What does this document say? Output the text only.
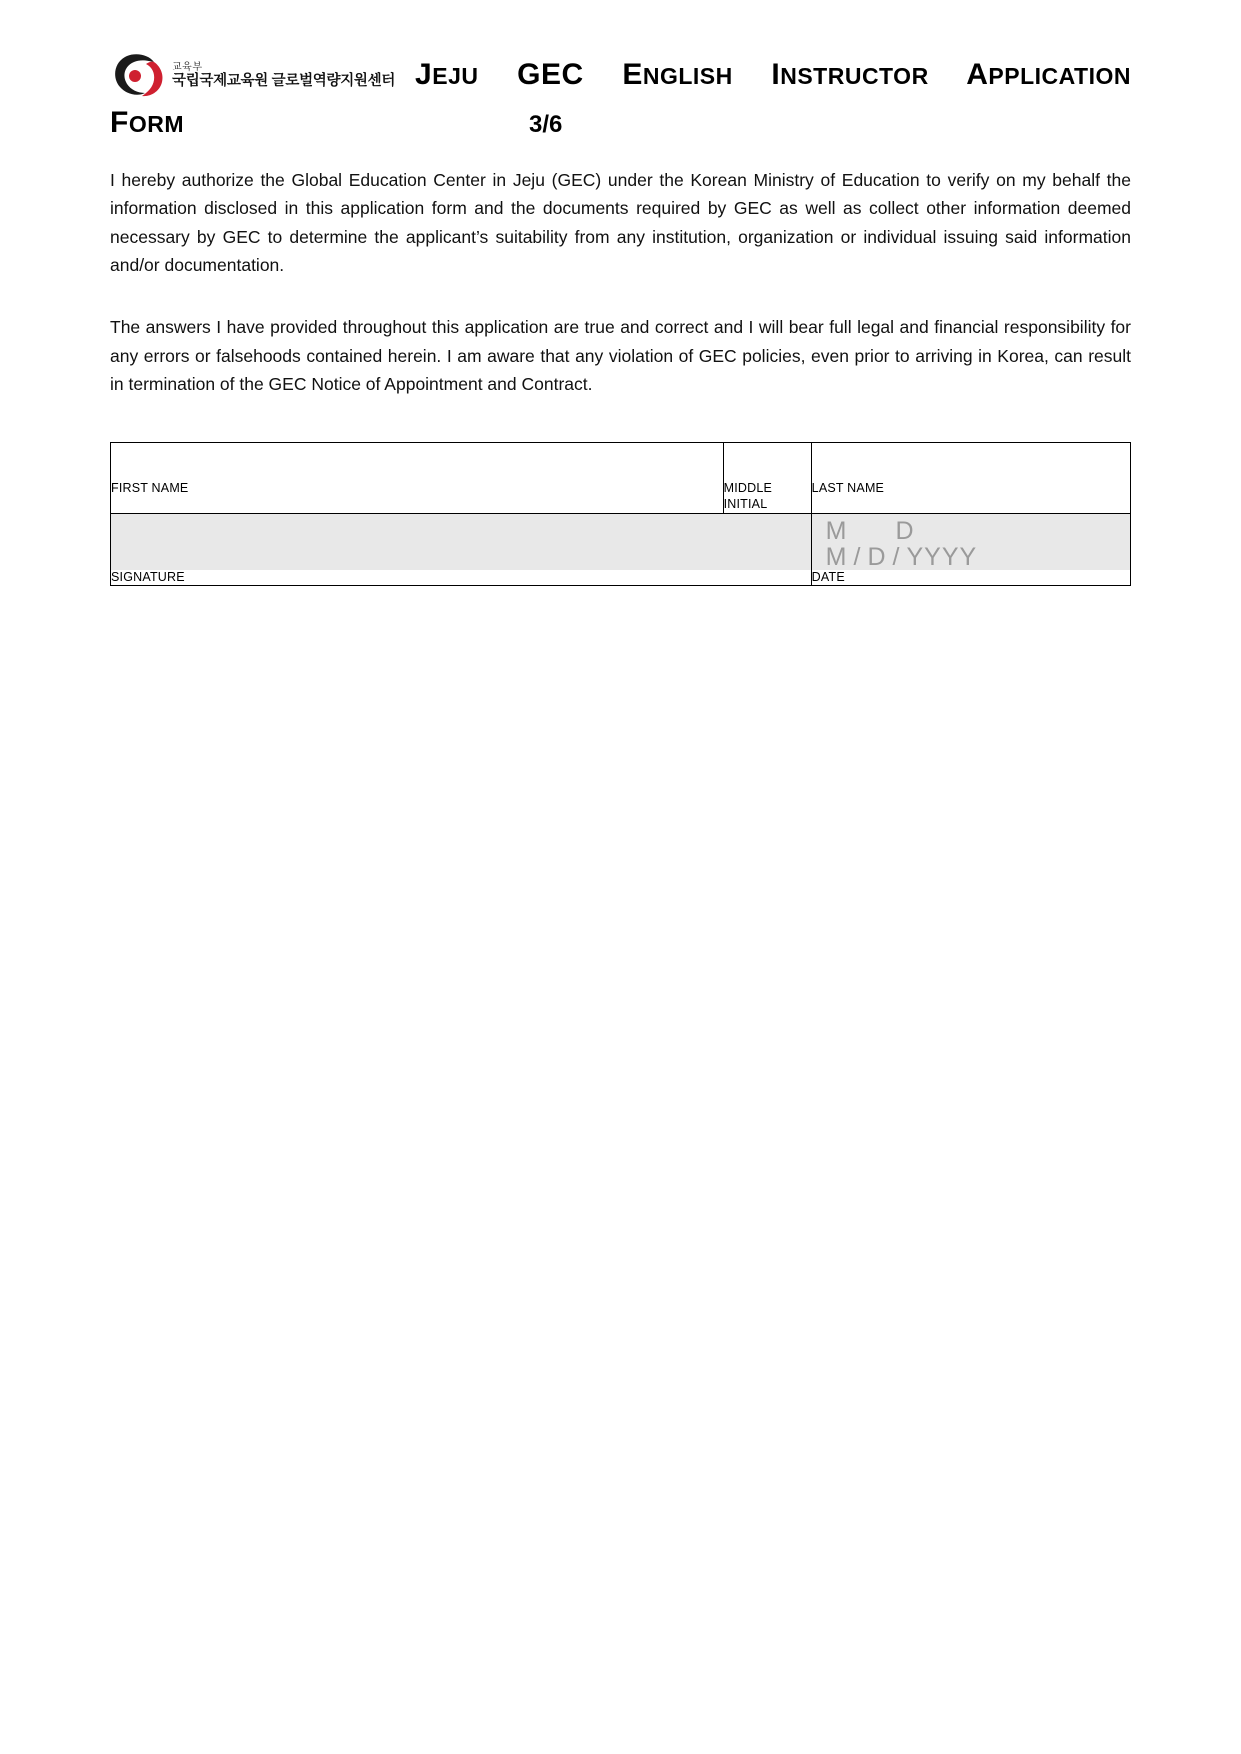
교육부
국립국제교육원 글로벌역량지원센터 JEJU GEC ENGLISH INSTRUCTOR APPLICATION
FORM	3/6

I hereby authorize the Global Education Center in Jeju (GEC) under the Korean Ministry of Education to verify on my behalf the information disclosed in this application form and the documents required by GEC as well as collect other information deemed necessary by GEC to determine the applicant’s suitability from any institution, organization or individual issuing said information and/or documentation.

The answers I have provided throughout this application are true and correct and I will bear full legal and financial responsibility for any errors or falsehoods contained herein. I am aware that any violation of GEC policies, even prior to arriving in Korea, can result in termination of the GEC Notice of Appointment and Contract.

FIRST NAME	MIDDLE INITIAL	LAST NAME

		M D
M / D / YYYY

SIGNATURE		DATE
